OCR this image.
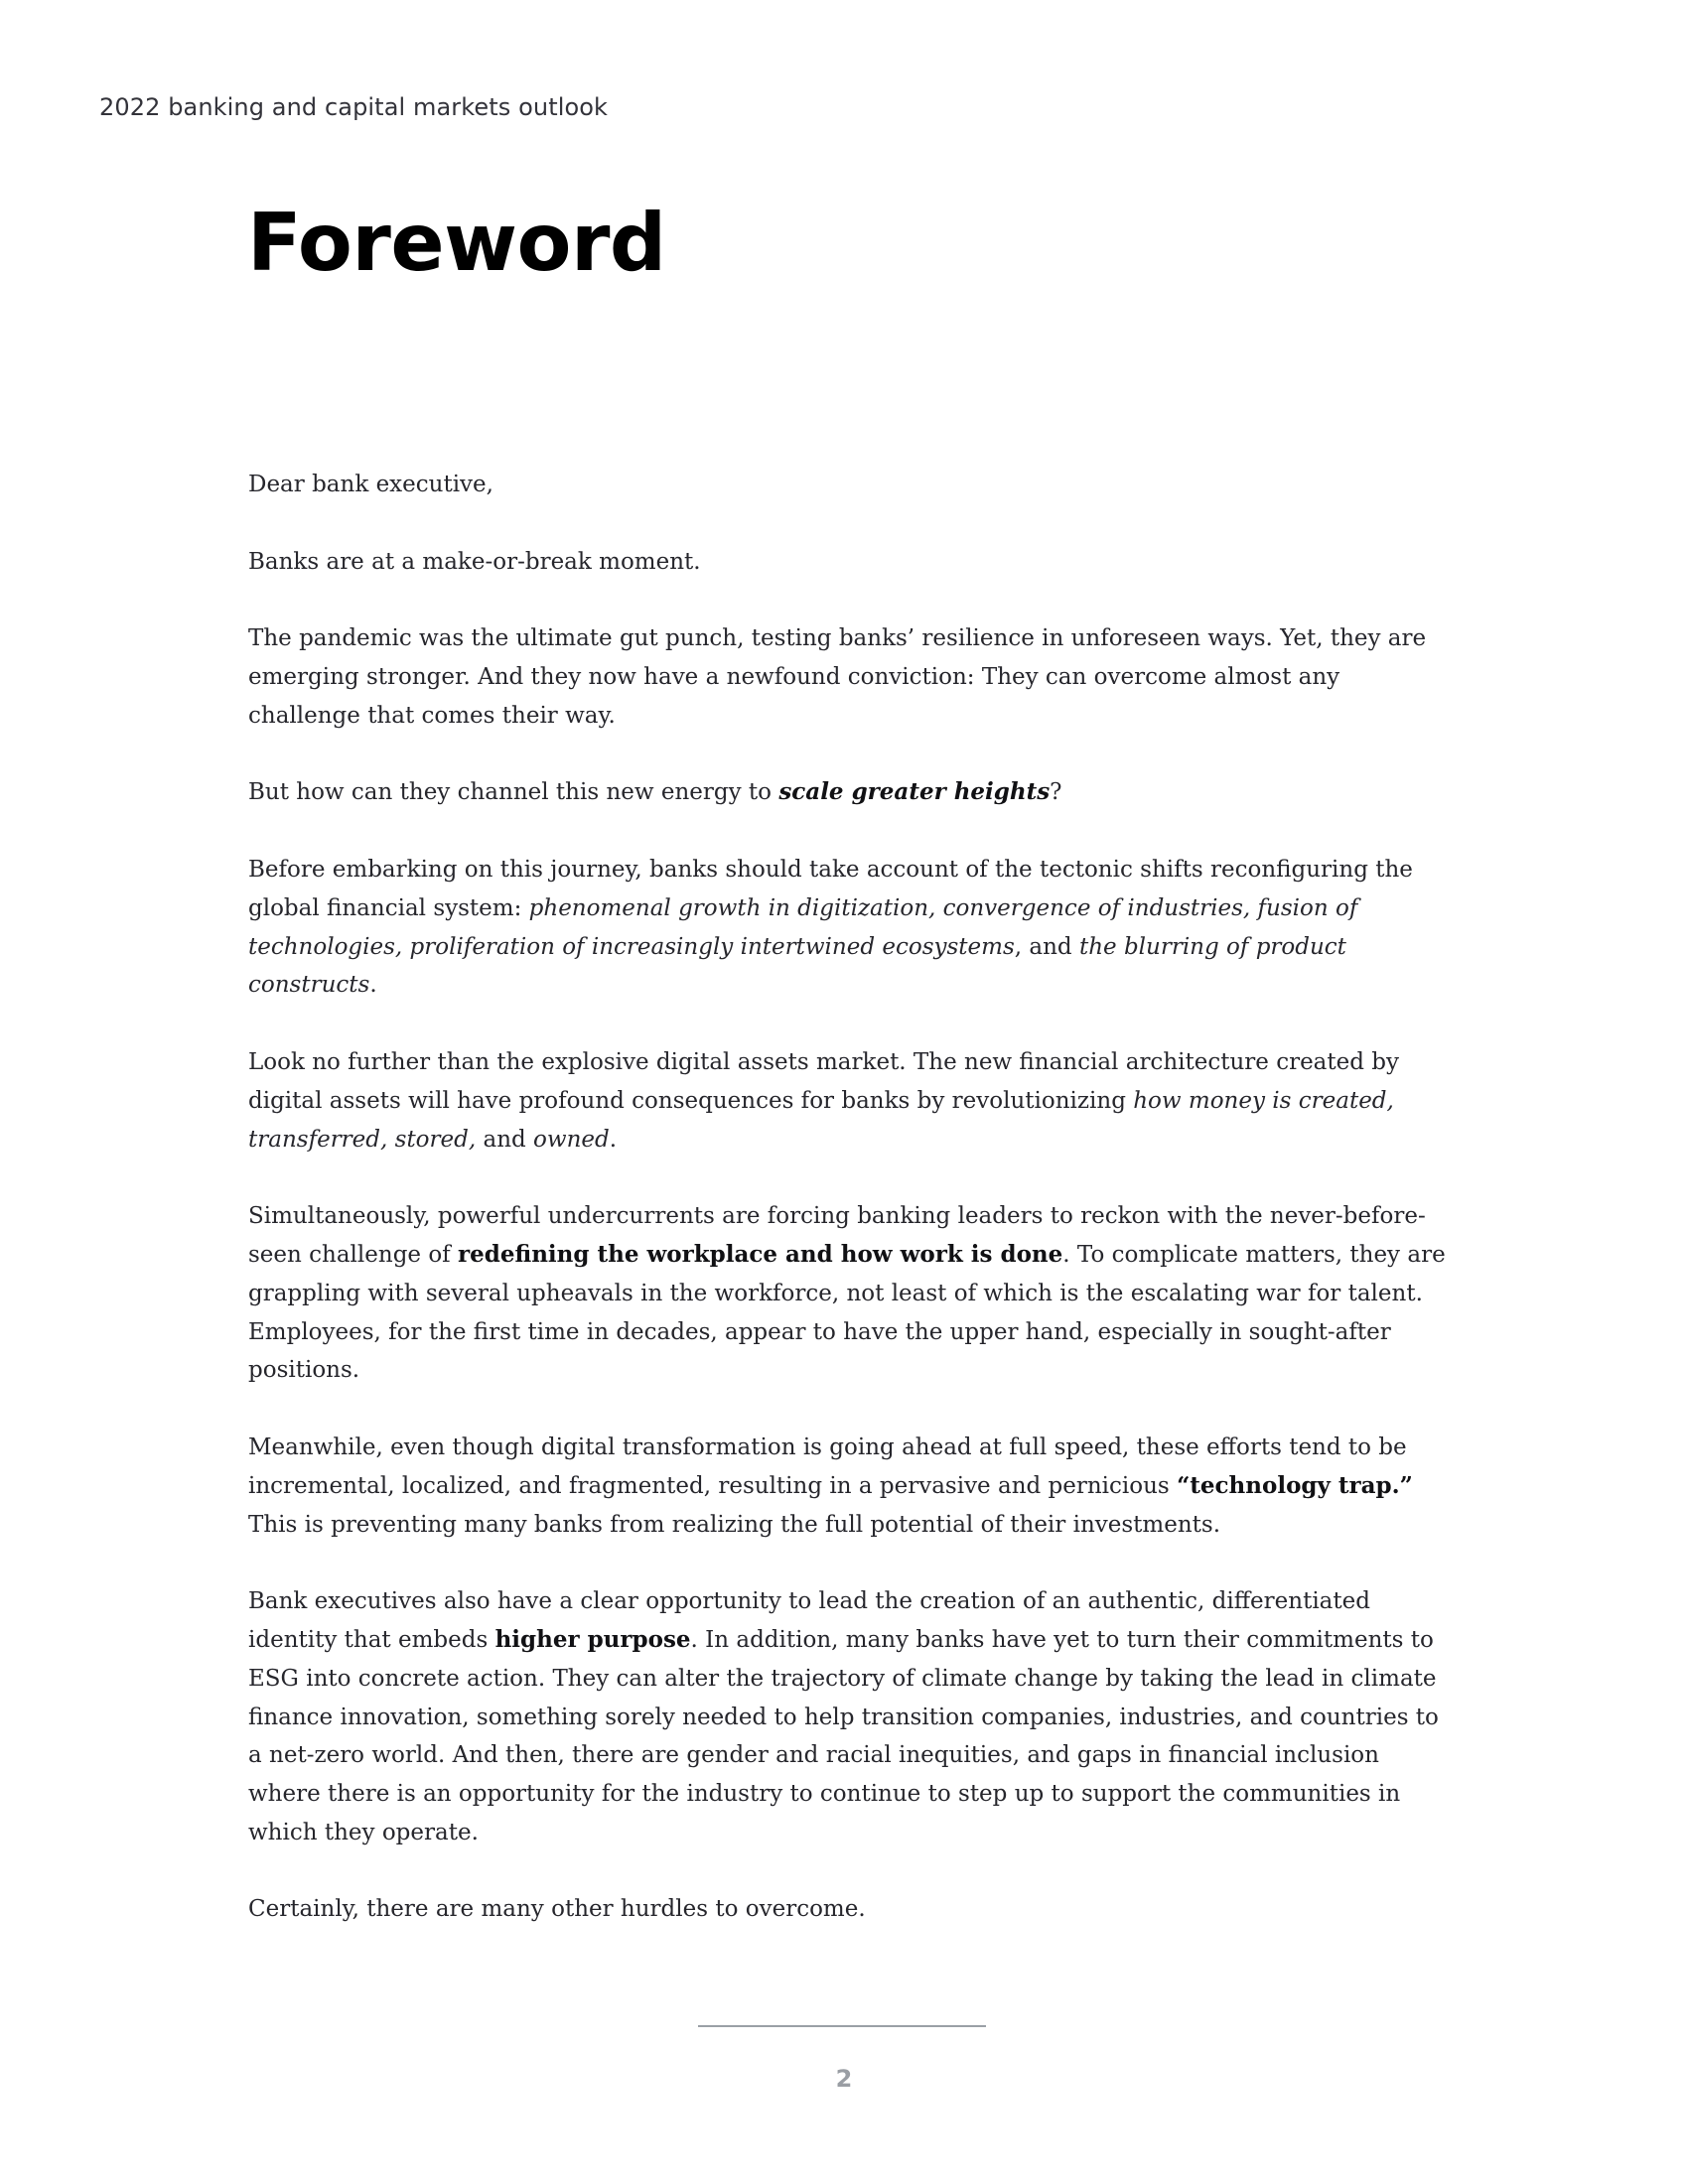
2022 banking and capital markets outlook
Foreword

Dear bank executive,

Banks are at a make-or-break moment.

The pandemic was the ultimate gut punch, testing banks’ resilience in unforeseen ways. Yet, they are emerging stronger. And they now have a newfound conviction: They can overcome almost any challenge that comes their way.

But how can they channel this new energy to scale greater heights?

Before embarking on this journey, banks should take account of the tectonic shifts reconfiguring the global financial system: phenomenal growth in digitization, convergence of industries, fusion of technologies, proliferation of increasingly intertwined ecosystems, and the blurring of product constructs.

Look no further than the explosive digital assets market. The new financial architecture created by digital assets will have profound consequences for banks by revolutionizing how money is created, transferred, stored, and owned.

Simultaneously, powerful undercurrents are forcing banking leaders to reckon with the never-before-seen challenge of redefining the workplace and how work is done. To complicate matters, they are grappling with several upheavals in the workforce, not least of which is the escalating war for talent. Employees, for the first time in decades, appear to have the upper hand, especially in sought-after positions.

Meanwhile, even though digital transformation is going ahead at full speed, these efforts tend to be incremental, localized, and fragmented, resulting in a pervasive and pernicious “technology trap.” This is preventing many banks from realizing the full potential of their investments.

Bank executives also have a clear opportunity to lead the creation of an authentic, differentiated identity that embeds higher purpose. In addition, many banks have yet to turn their commitments to ESG into concrete action. They can alter the trajectory of climate change by taking the lead in climate finance innovation, something sorely needed to help transition companies, industries, and countries to a net-zero world. And then, there are gender and racial inequities, and gaps in financial inclusion where there is an opportunity for the industry to continue to step up to support the communities in which they operate.

Certainly, there are many other hurdles to overcome.

2
